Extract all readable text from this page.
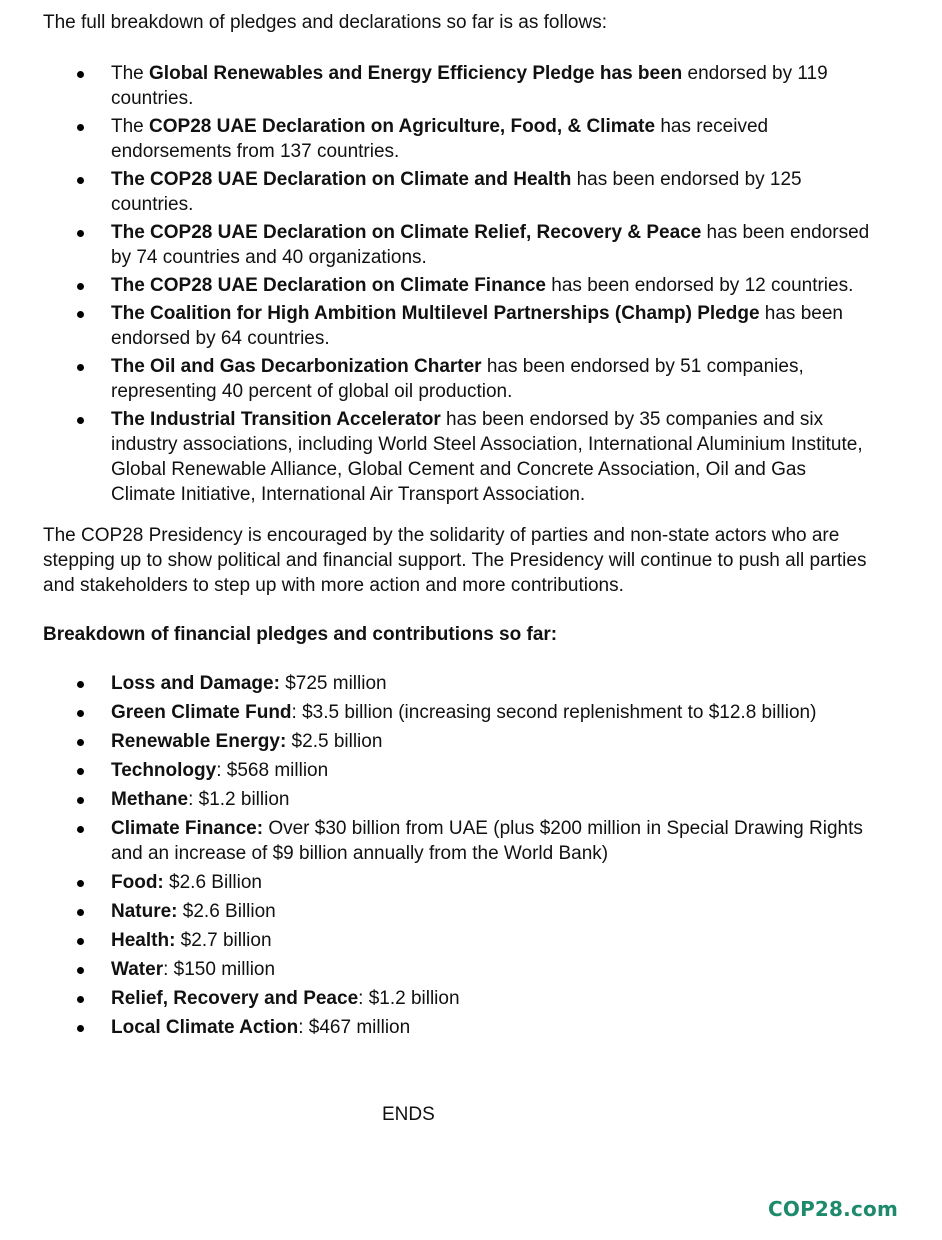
The full breakdown of pledges and declarations so far is as follows:

The Global Renewables and Energy Efficiency Pledge has been endorsed by 119 countries.
The COP28 UAE Declaration on Agriculture, Food, & Climate has received endorsements from 137 countries.
The COP28 UAE Declaration on Climate and Health has been endorsed by 125 countries.
The COP28 UAE Declaration on Climate Relief, Recovery & Peace has been endorsed by 74 countries and 40 organizations.
The COP28 UAE Declaration on Climate Finance has been endorsed by 12 countries.
The Coalition for High Ambition Multilevel Partnerships (Champ) Pledge has been endorsed by 64 countries.
The Oil and Gas Decarbonization Charter has been endorsed by 51 companies, representing 40 percent of global oil production.
The Industrial Transition Accelerator has been endorsed by 35 companies and six industry associations, including World Steel Association, International Aluminium Institute, Global Renewable Alliance, Global Cement and Concrete Association, Oil and Gas Climate Initiative, International Air Transport Association.

The COP28 Presidency is encouraged by the solidarity of parties and non-state actors who are stepping up to show political and financial support. The Presidency will continue to push all parties and stakeholders to step up with more action and more contributions.

Breakdown of financial pledges and contributions so far:

Loss and Damage: $725 million
Green Climate Fund: $3.5 billion (increasing second replenishment to $12.8 billion)
Renewable Energy: $2.5 billion
Technology: $568 million
Methane: $1.2 billion
Climate Finance: Over $30 billion from UAE (plus $200 million in Special Drawing Rights and an increase of $9 billion annually from the World Bank)
Food: $2.6 Billion
Nature: $2.6 Billion
Health: $2.7 billion
Water: $150 million
Relief, Recovery and Peace: $1.2 billion
Local Climate Action: $467 million
ENDS
COP28.com
